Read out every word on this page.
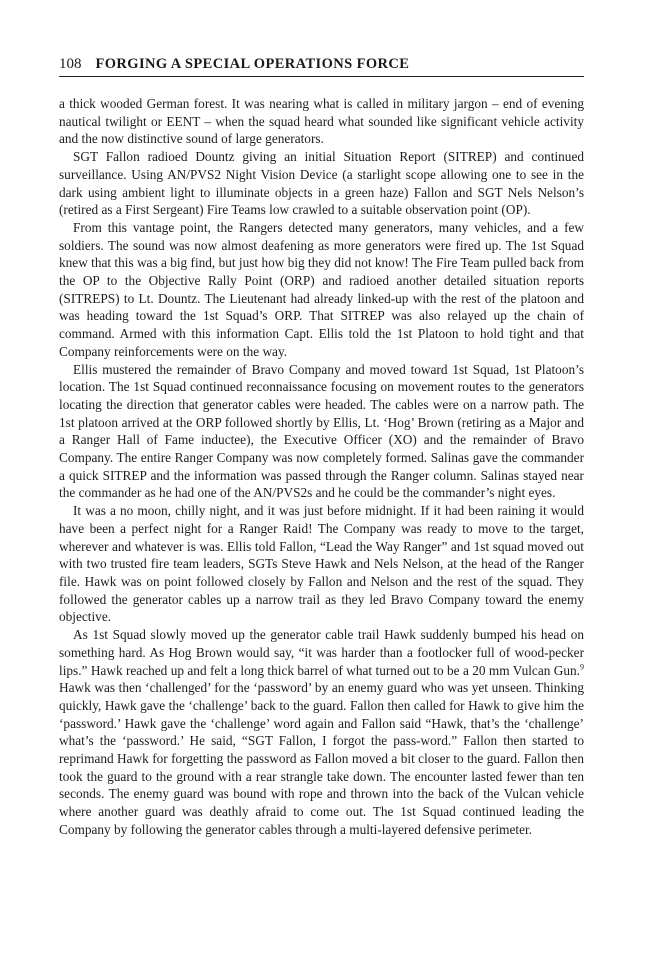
108 FORGING A SPECIAL OPERATIONS FORCE

a thick wooded German forest. It was nearing what is called in military jargon – end of evening nautical twilight or EENT – when the squad heard what sounded like significant vehicle activity and the now distinctive sound of large generators.

SGT Fallon radioed Dountz giving an initial Situation Report (SITREP) and continued surveillance. Using AN/PVS2 Night Vision Device (a starlight scope allowing one to see in the dark using ambient light to illuminate objects in a green haze) Fallon and SGT Nels Nelson’s (retired as a First Sergeant) Fire Teams low crawled to a suitable observation point (OP).

From this vantage point, the Rangers detected many generators, many vehicles, and a few soldiers. The sound was now almost deafening as more generators were fired up. The 1st Squad knew that this was a big find, but just how big they did not know! The Fire Team pulled back from the OP to the Objective Rally Point (ORP) and radioed another detailed situation reports (SITREPS) to Lt. Dountz. The Lieutenant had already linked-up with the rest of the platoon and was heading toward the 1st Squad’s ORP. That SITREP was also relayed up the chain of command. Armed with this information Capt. Ellis told the 1st Platoon to hold tight and that Company reinforcements were on the way.

Ellis mustered the remainder of Bravo Company and moved toward 1st Squad, 1st Platoon’s location. The 1st Squad continued reconnaissance focusing on movement routes to the generators locating the direction that generator cables were headed. The cables were on a narrow path. The 1st platoon arrived at the ORP followed shortly by Ellis, Lt. ‘Hog’ Brown (retiring as a Major and a Ranger Hall of Fame inductee), the Executive Officer (XO) and the remainder of Bravo Company. The entire Ranger Company was now completely formed. Salinas gave the commander a quick SITREP and the information was passed through the Ranger column. Salinas stayed near the commander as he had one of the AN/PVS2s and he could be the commander’s night eyes.

It was a no moon, chilly night, and it was just before midnight. If it had been raining it would have been a perfect night for a Ranger Raid! The Company was ready to move to the target, wherever and whatever is was. Ellis told Fallon, “Lead the Way Ranger” and 1st squad moved out with two trusted fire team leaders, SGTs Steve Hawk and Nels Nelson, at the head of the Ranger file. Hawk was on point followed closely by Fallon and Nelson and the rest of the squad. They followed the generator cables up a narrow trail as they led Bravo Company toward the enemy objective.

As 1st Squad slowly moved up the generator cable trail Hawk suddenly bumped his head on something hard. As Hog Brown would say, “it was harder than a footlocker full of wood-pecker lips.” Hawk reached up and felt a long thick barrel of what turned out to be a 20 mm Vulcan Gun.$^9$ Hawk was then ‘challenged’ for the ‘password’ by an enemy guard who was yet unseen. Thinking quickly, Hawk gave the ‘challenge’ back to the guard. Fallon then called for Hawk to give him the ‘password.’ Hawk gave the ‘challenge’ word again and Fallon said “Hawk, that’s the ‘challenge’ what’s the ‘password.’ He said, “SGT Fallon, I forgot the pass-word.” Fallon then started to reprimand Hawk for forgetting the password as Fallon moved a bit closer to the guard. Fallon then took the guard to the ground with a rear strangle take down. The encounter lasted fewer than ten seconds. The enemy guard was bound with rope and thrown into the back of the Vulcan vehicle where another guard was deathly afraid to come out. The 1st Squad continued leading the Company by following the generator cables through a multi-layered defensive perimeter.
